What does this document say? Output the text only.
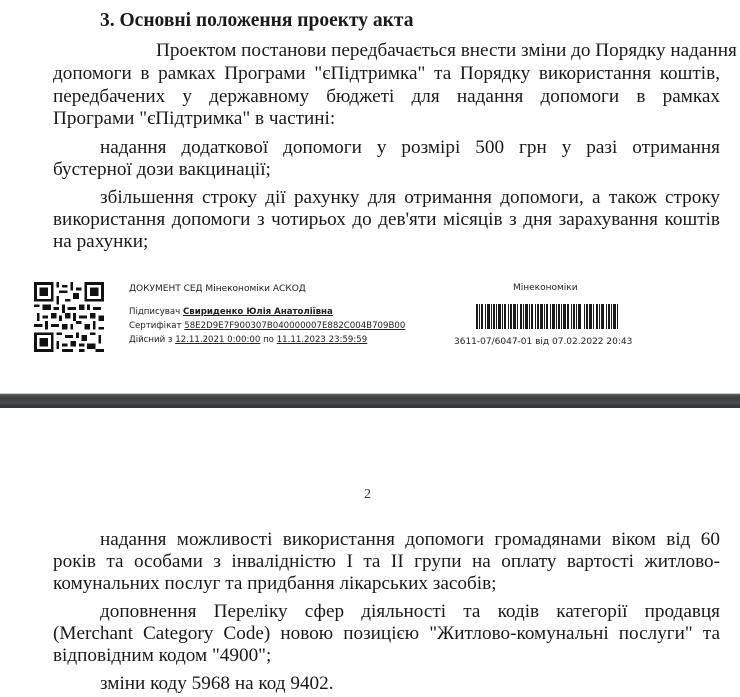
3. Основні положення проекту акта
Проектом постанови передбачається внести зміни до Порядку надання
допомоги в рамках Програми "єПідтримка" та Порядку використання коштів,
передбачених у державному бюджеті для надання допомоги в рамках
Програми "єПідтримка" в частині:
надання додаткової допомоги у розмірі 500 грн у разі отримання
бустерної дози вакцинації;
збільшення строку дії рахунку для отримання допомоги, а також строку
використання допомоги з чотирьох до дев'яти місяців з дня зарахування коштів
на рахунки;
ДОКУМЕНТ СЕД Мінекономіки АСКОД
Підписувач Свириденко Юлія Анатоліївна
Сертифікат 58E2D9E7F900307B040000007E882C004B709B00
Дійсний з 12.11.2021 0:00:00 по 11.11.2023 23:59:59
Мінекономіки
3611-07/6047-01 від 07.02.2022 20:43
2
надання можливості використання допомоги громадянами віком від 60
років та особами з інвалідністю І та ІІ групи на оплату вартості житлово-
комунальних послуг та придбання лікарських засобів;
доповнення Переліку сфер діяльності та кодів категорії продавця
(Merchant Category Code) новою позицією "Житлово-комунальні послуги" та
відповідним кодом "4900";
зміни коду 5968 на код 9402.
